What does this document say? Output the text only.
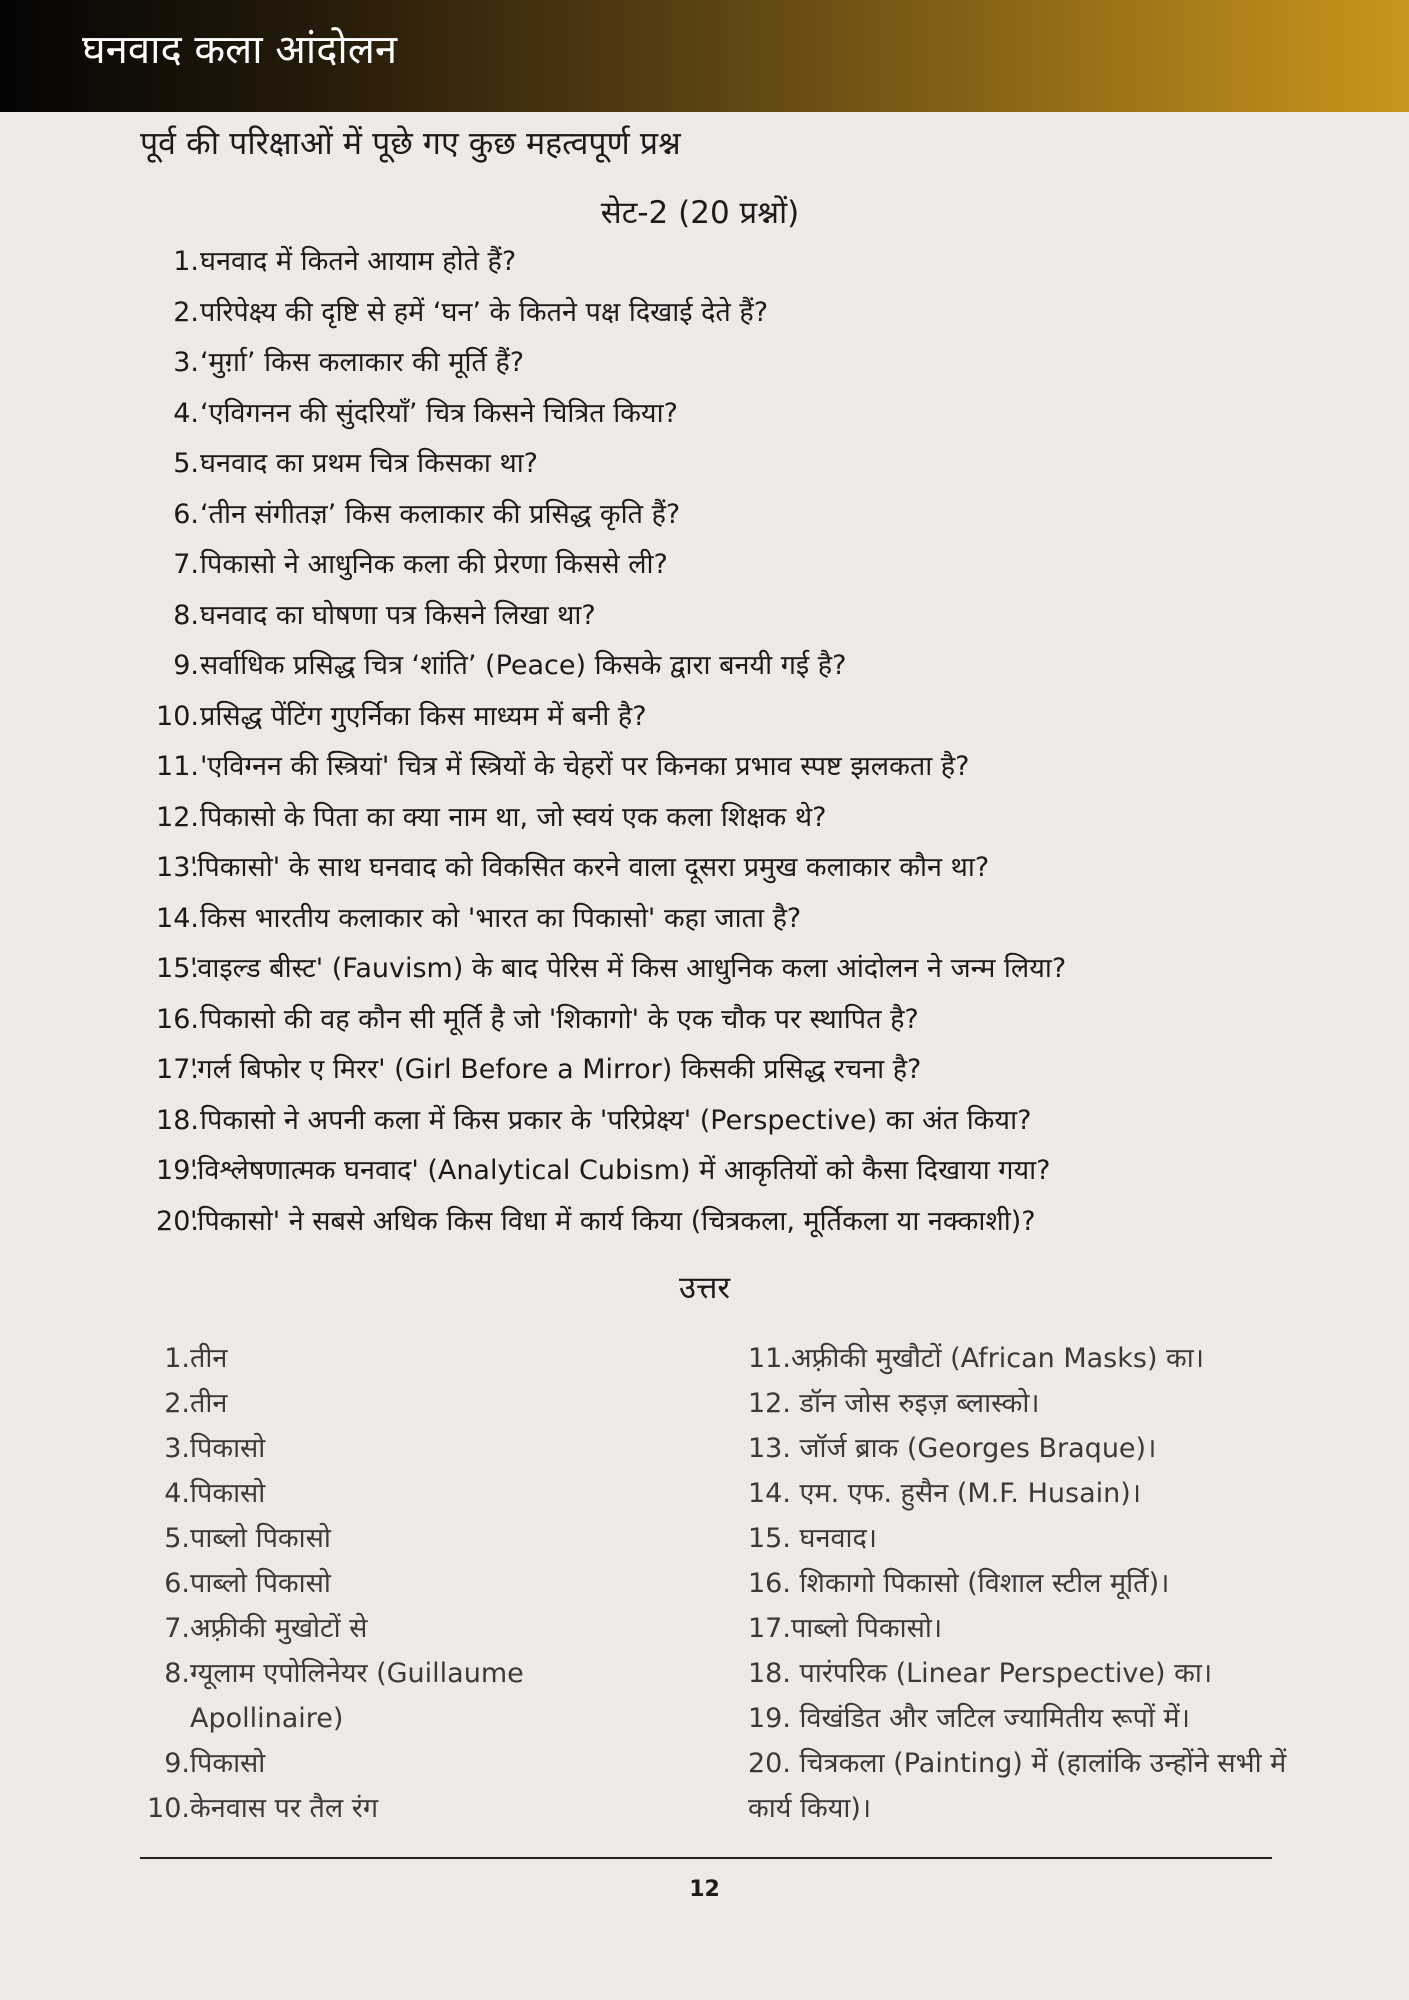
घनवाद कला आंदोलन
पूर्व की परिक्षाओं में पूछे गए कुछ महत्वपूर्ण प्रश्न
सेट-2 (20 प्रश्नों)
1. घनवाद में कितने आयाम होते हैं?
2. परिपेक्ष्य की दृष्टि से हमें ‘घन’ के कितने पक्ष दिखाई देते हैं?
3. ‘मुर्ग़ा’ किस कलाकार की मूर्ति हैं?
4. ‘एविगनन की सुंदरियाँ’ चित्र किसने चित्रित किया?
5. घनवाद का प्रथम चित्र किसका था?
6. ‘तीन संगीतज्ञ’ किस कलाकार की प्रसिद्ध कृति हैं?
7. पिकासो ने आधुनिक कला की प्रेरणा किससे ली?
8. घनवाद का घोषणा पत्र किसने लिखा था?
9. सर्वाधिक प्रसिद्ध चित्र ‘शांति’ (Peace) किसके द्वारा बनयी गई है?
10. प्रसिद्ध पेंटिंग गुएर्निका किस माध्यम में बनी है?
11. 'एविग्नन की स्त्रियां' चित्र में स्त्रियों के चेहरों पर किनका प्रभाव स्पष्ट झलकता है?
12. पिकासो के पिता का क्या नाम था, जो स्वयं एक कला शिक्षक थे?
13.
'पिकासो' के साथ घनवाद को विकसित करने वाला दूसरा प्रमुख कलाकार कौन था?
14. किस भारतीय कलाकार को 'भारत का पिकासो' कहा जाता है?
15.
'वाइल्ड बीस्ट' (Fauvism) के बाद पेरिस में किस आधुनिक कला आंदोलन ने जन्म लिया?
16. पिकासो की वह कौन सी मूर्ति है जो 'शिकागो' के एक चौक पर स्थापित है?
17.
'गर्ल बिफोर ए मिरर' (Girl Before a Mirror) किसकी प्रसिद्ध रचना है?
18. पिकासो ने अपनी कला में किस प्रकार के 'परिप्रेक्ष्य' (Perspective) का अंत किया?
19.
'विश्लेषणात्मक घनवाद' (Analytical Cubism) में आकृतियों को कैसा दिखाया गया?
20.
'पिकासो' ने सबसे अधिक किस विधा में कार्य किया (चित्रकला, मूर्तिकला या नक्काशी)?
उत्तर
1. तीन
2. तीन
3. पिकासो
4. पिकासो
5. पाब्लो पिकासो
6. पाब्लो पिकासो
7. अफ़्रीकी मुखोटों से
8. ग्यूलाम एपोलिनेयर (Guillaume Apollinaire)
9. पिकासो
10. केनवास पर तैल रंग
11.अफ़्रीकी मुखौटों (African Masks) का।
12. डॉन जोस रुइज़ ब्लास्को।
13. जॉर्ज ब्राक (Georges Braque)।
14. एम. एफ. हुसैन (M.F. Husain)।
15. घनवाद।
16. शिकागो पिकासो (विशाल स्टील मूर्ति)।
17.पाब्लो पिकासो।
18. पारंपरिक (Linear Perspective) का।
19. विखंडित और जटिल ज्यामितीय रूपों में।
20. चित्रकला (Painting) में (हालांकि उन्होंने सभी में कार्य किया)।
12
